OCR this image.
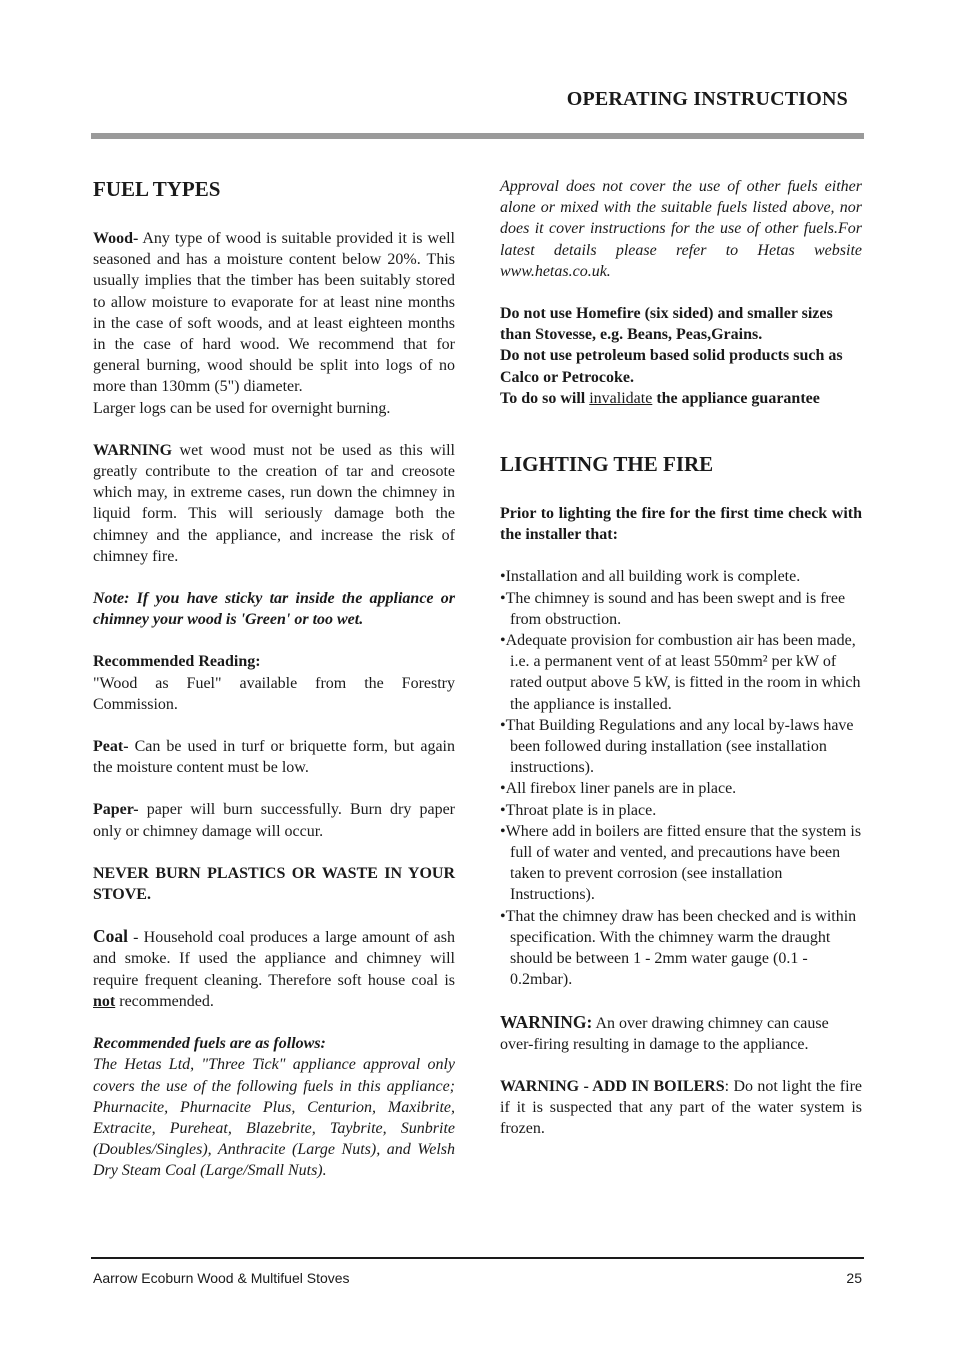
OPERATING INSTRUCTIONS
FUEL TYPES

Wood- Any type of wood is suitable provided it is well seasoned and has a moisture content below 20%. This usually implies that the timber has been suitably stored to allow moisture to evaporate for at least nine months in the case of soft woods, and at least eighteen months in the case of hard wood. We recommend that for general burning, wood should be split into logs of no more than 130mm (5") diameter.

Larger logs can be used for overnight burning.

WARNING wet wood must not be used as this will greatly contribute to the creation of tar and creosote which may, in extreme cases, run down the chimney in liquid form. This will seriously damage both the chimney and the appliance, and increase the risk of chimney fire.

Note: If you have sticky tar inside the appliance or chimney your wood is 'Green' or too wet.

Recommended Reading:

"Wood as Fuel" available from the Forestry Commission.

Peat- Can be used in turf or briquette form, but again the moisture content must be low.

Paper- paper will burn successfully. Burn dry paper only or chimney damage will occur.

NEVER BURN PLASTICS OR WASTE IN YOUR STOVE.

Coal - Household coal produces a large amount of ash and smoke. If used the appliance and chimney will require frequent cleaning. Therefore soft house coal is not recommended.

Recommended fuels are as follows:

The Hetas Ltd, "Three Tick" appliance approval only covers the use of the following fuels in this appliance; Phurnacite, Phurnacite Plus, Centurion, Maxibrite, Extracite, Pureheat, Blazebrite, Taybrite, Sunbrite (Doubles/Singles), Anthracite (Large Nuts), and Welsh Dry Steam Coal (Large/Small Nuts).

Approval does not cover the use of other fuels either alone or mixed with the suitable fuels listed above, nor does it cover instructions for the use of other fuels.For latest details please refer to Hetas website www.hetas.co.uk.

Do not use Homefire (six sided) and smaller sizes than Stovesse, e.g. Beans, Peas,Grains.

Do not use petroleum based solid products such as Calco or Petrocoke.

To do so will invalidate the appliance guarantee

LIGHTING THE FIRE

Prior to lighting the fire for the first time check with the installer that:

•Installation and all building work is complete.
•The chimney is sound and has been swept and is free from obstruction.
•Adequate provision for combustion air has been made, i.e. a permanent vent of at least 550mm² per kW of rated output above 5 kW, is fitted in the room in which the appliance is installed.
•That Building Regulations and any local by-laws have been followed during installation (see installation instructions).
•All firebox liner panels are in place.
•Throat plate is in place.
•Where add in boilers are fitted ensure that the system is full of water and vented, and precautions have been taken to prevent corrosion (see installation Instructions).
•That the chimney draw has been checked and is within specification. With the chimney warm the draught should be between 1 - 2mm water gauge (0.1 - 0.2mbar).

WARNING: An over drawing chimney can cause over-firing resulting in damage to the appliance.

WARNING - ADD IN BOILERS: Do not light the fire if it is suspected that any part of the water system is frozen.

Aarrow Ecoburn Wood & Multifuel Stoves	25
